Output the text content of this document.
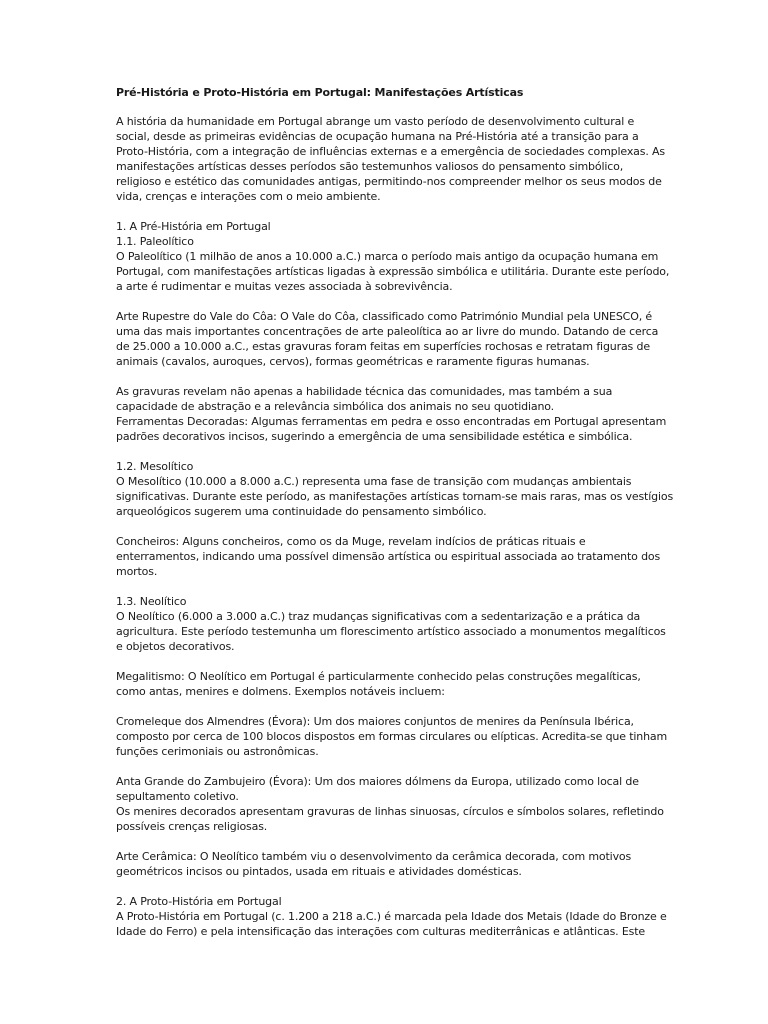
Pré-História e Proto-História em Portugal: Manifestações Artísticas
A história da humanidade em Portugal abrange um vasto período de desenvolvimento cultural e
social, desde as primeiras evidências de ocupação humana na Pré-História até a transição para a
Proto-História, com a integração de influências externas e a emergência de sociedades complexas. As
manifestações artísticas desses períodos são testemunhos valiosos do pensamento simbólico,
religioso e estético das comunidades antigas, permitindo-nos compreender melhor os seus modos de
vida, crenças e interações com o meio ambiente.
1. A Pré-História em Portugal
1.1. Paleolítico
O Paleolítico (1 milhão de anos a 10.000 a.C.) marca o período mais antigo da ocupação humana em
Portugal, com manifestações artísticas ligadas à expressão simbólica e utilitária. Durante este período,
a arte é rudimentar e muitas vezes associada à sobrevivência.
Arte Rupestre do Vale do Côa: O Vale do Côa, classificado como Património Mundial pela UNESCO, é
uma das mais importantes concentrações de arte paleolítica ao ar livre do mundo. Datando de cerca
de 25.000 a 10.000 a.C., estas gravuras foram feitas em superfícies rochosas e retratam figuras de
animais (cavalos, auroques, cervos), formas geométricas e raramente figuras humanas.
As gravuras revelam não apenas a habilidade técnica das comunidades, mas também a sua
capacidade de abstração e a relevância simbólica dos animais no seu quotidiano.
Ferramentas Decoradas: Algumas ferramentas em pedra e osso encontradas em Portugal apresentam
padrões decorativos incisos, sugerindo a emergência de uma sensibilidade estética e simbólica.
1.2. Mesolítico
O Mesolítico (10.000 a 8.000 a.C.) representa uma fase de transição com mudanças ambientais
significativas. Durante este período, as manifestações artísticas tornam-se mais raras, mas os vestígios
arqueológicos sugerem uma continuidade do pensamento simbólico.
Concheiros: Alguns concheiros, como os da Muge, revelam indícios de práticas rituais e
enterramentos, indicando uma possível dimensão artística ou espiritual associada ao tratamento dos
mortos.
1.3. Neolítico
O Neolítico (6.000 a 3.000 a.C.) traz mudanças significativas com a sedentarização e a prática da
agricultura. Este período testemunha um florescimento artístico associado a monumentos megalíticos
e objetos decorativos.
Megalitismo: O Neolítico em Portugal é particularmente conhecido pelas construções megalíticas,
como antas, menires e dolmens. Exemplos notáveis incluem:
Cromeleque dos Almendres (Évora): Um dos maiores conjuntos de menires da Península Ibérica,
composto por cerca de 100 blocos dispostos em formas circulares ou elípticas. Acredita-se que tinham
funções cerimoniais ou astronômicas.
Anta Grande do Zambujeiro (Évora): Um dos maiores dólmens da Europa, utilizado como local de
sepultamento coletivo.
Os menires decorados apresentam gravuras de linhas sinuosas, círculos e símbolos solares, refletindo
possíveis crenças religiosas.
Arte Cerâmica: O Neolítico também viu o desenvolvimento da cerâmica decorada, com motivos
geométricos incisos ou pintados, usada em rituais e atividades domésticas.
2. A Proto-História em Portugal
A Proto-História em Portugal (c. 1.200 a 218 a.C.) é marcada pela Idade dos Metais (Idade do Bronze e
Idade do Ferro) e pela intensificação das interações com culturas mediterrânicas e atlânticas. Este
